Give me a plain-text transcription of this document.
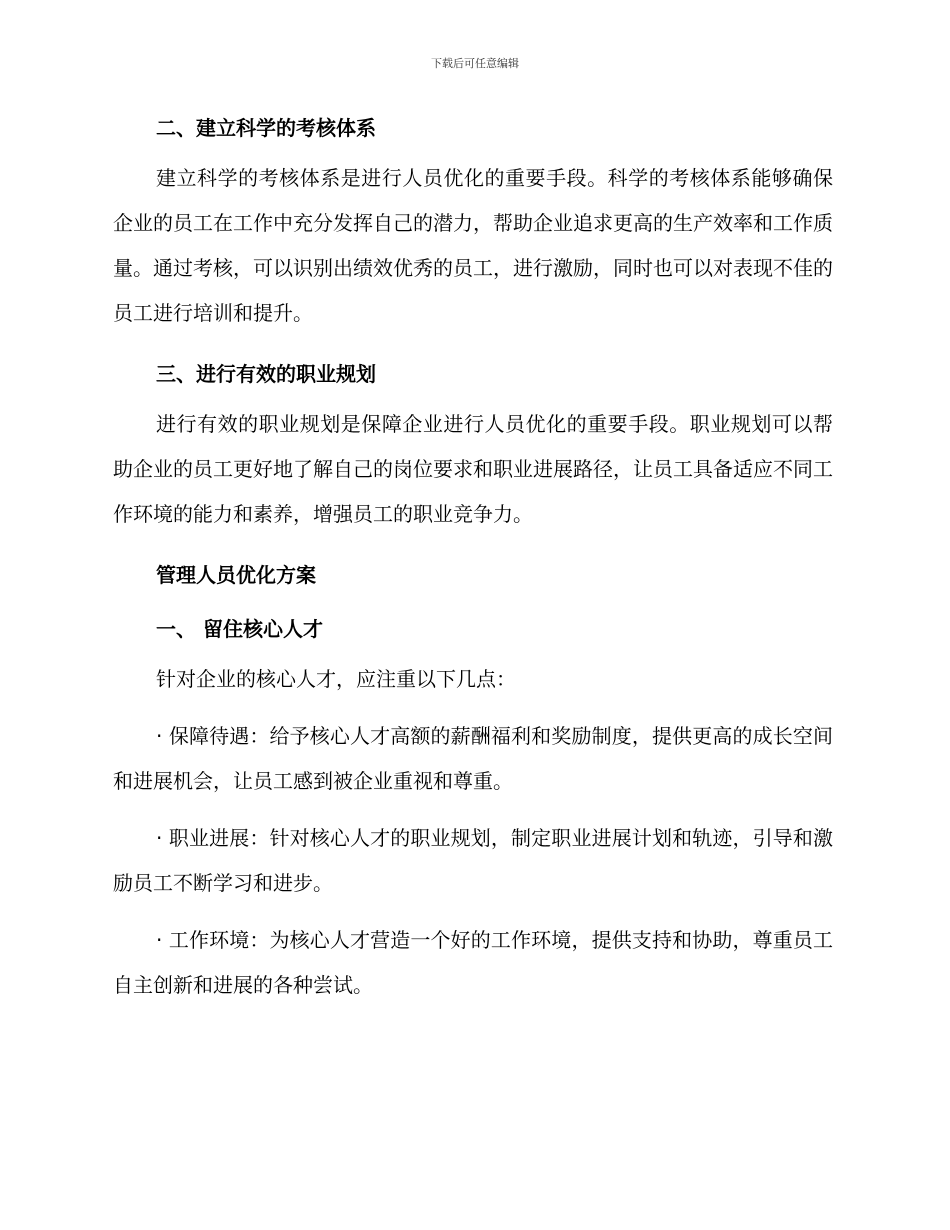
下载后可任意编辑

二、建立科学的考核体系

建立科学的考核体系是进行人员优化的重要手段。科学的考核体系能够确保企业的员工在工作中充分发挥自己的潜力，帮助企业追求更高的生产效率和工作质量。通过考核，可以识别出绩效优秀的员工，进行激励，同时也可以对表现不佳的员工进行培训和提升。

三、进行有效的职业规划

进行有效的职业规划是保障企业进行人员优化的重要手段。职业规划可以帮助企业的员工更好地了解自己的岗位要求和职业进展路径，让员工具备适应不同工作环境的能力和素养，增强员工的职业竞争力。

管理人员优化方案

一、 留住核心人才

针对企业的核心人才，应注重以下几点：

· 保障待遇：给予核心人才高额的薪酬福利和奖励制度，提供更高的成长空间和进展机会，让员工感到被企业重视和尊重。

· 职业进展：针对核心人才的职业规划，制定职业进展计划和轨迹，引导和激励员工不断学习和进步。

· 工作环境：为核心人才营造一个好的工作环境，提供支持和协助，尊重员工自主创新和进展的各种尝试。
